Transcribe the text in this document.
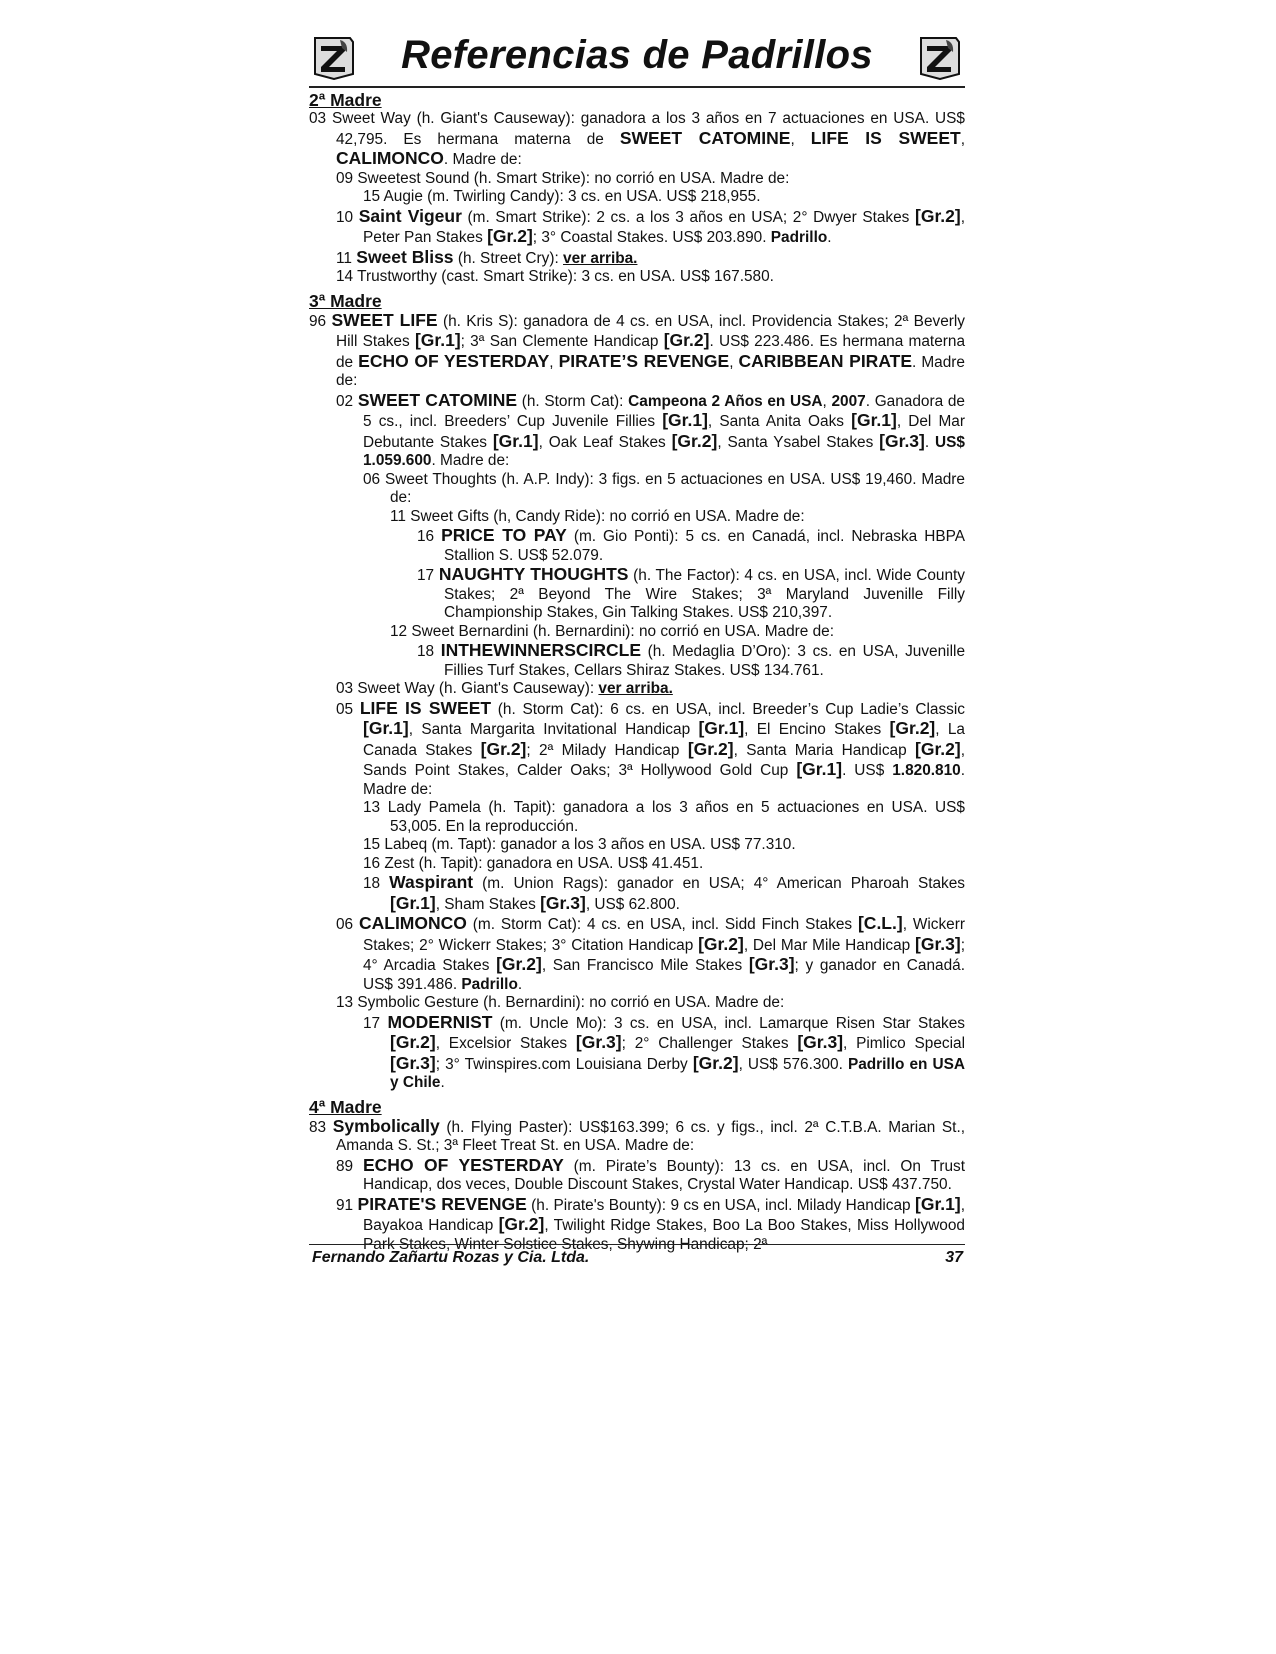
Referencias de Padrillos
2ª Madre

03 Sweet Way (h. Giant's Causeway): ganadora a los 3 años en 7 actuaciones en USA. US$ 42,795. Es hermana materna de SWEET CATOMINE, LIFE IS SWEET, CALIMONCO. Madre de:

09 Sweetest Sound (h. Smart Strike): no corrió en USA. Madre de:

15 Augie (m. Twirling Candy): 3 cs. en USA. US$ 218,955.

10 Saint Vigeur (m. Smart Strike): 2 cs. a los 3 años en USA; 2° Dwyer Stakes [Gr.2], Peter Pan Stakes [Gr.2]; 3° Coastal Stakes. US$ 203.890. Padrillo.

11 Sweet Bliss (h. Street Cry): ver arriba.

14 Trustworthy (cast. Smart Strike): 3 cs. en USA. US$ 167.580.

3ª Madre

96 SWEET LIFE (h. Kris S): ganadora de 4 cs. en USA, incl. Providencia Stakes; 2ª Beverly Hill Stakes [Gr.1]; 3ª San Clemente Handicap [Gr.2]. US$ 223.486. Es hermana materna de ECHO OF YESTERDAY, PIRATE’S REVENGE, CARIBBEAN PIRATE. Madre de:

02 SWEET CATOMINE (h. Storm Cat): Campeona 2 Años en USA, 2007. Ganadora de 5 cs., incl. Breeders’ Cup Juvenile Fillies [Gr.1], Santa Anita Oaks [Gr.1], Del Mar Debutante Stakes [Gr.1], Oak Leaf Stakes [Gr.2], Santa Ysabel Stakes [Gr.3]. US$ 1.059.600. Madre de:

06 Sweet Thoughts (h. A.P. Indy): 3 figs. en 5 actuaciones en USA. US$ 19,460. Madre de:

11 Sweet Gifts (h, Candy Ride): no corrió en USA. Madre de:

16 PRICE TO PAY (m. Gio Ponti): 5 cs. en Canadá, incl. Nebraska HBPA Stallion S. US$ 52.079.

17 NAUGHTY THOUGHTS (h. The Factor): 4 cs. en USA, incl. Wide County Stakes; 2ª Beyond The Wire Stakes; 3ª Maryland Juvenille Filly Championship Stakes, Gin Talking Stakes. US$ 210,397.

12 Sweet Bernardini (h. Bernardini): no corrió en USA. Madre de:

18 INTHEWINNERSCIRCLE (h. Medaglia D’Oro): 3 cs. en USA, Juvenille Fillies Turf Stakes, Cellars Shiraz Stakes. US$ 134.761.

03 Sweet Way (h. Giant's Causeway): ver arriba.

05 LIFE IS SWEET (h. Storm Cat): 6 cs. en USA, incl. Breeder’s Cup Ladie’s Classic [Gr.1], Santa Margarita Invitational Handicap [Gr.1], El Encino Stakes [Gr.2], La Canada Stakes [Gr.2]; 2ª Milady Handicap [Gr.2], Santa Maria Handicap [Gr.2], Sands Point Stakes, Calder Oaks; 3ª Hollywood Gold Cup [Gr.1]. US$ 1.820.810. Madre de:

13 Lady Pamela (h. Tapit): ganadora a los 3 años en 5 actuaciones en USA. US$ 53,005. En la reproducción.

15 Labeq (m. Tapt): ganador a los 3 años en USA. US$ 77.310.

16 Zest (h. Tapit): ganadora en USA. US$ 41.451.

18 Waspirant (m. Union Rags): ganador en USA; 4° American Pharoah Stakes [Gr.1], Sham Stakes [Gr.3], US$ 62.800.

06 CALIMONCO (m. Storm Cat): 4 cs. en USA, incl. Sidd Finch Stakes [C.L.], Wickerr Stakes; 2° Wickerr Stakes; 3° Citation Handicap [Gr.2], Del Mar Mile Handicap [Gr.3]; 4° Arcadia Stakes [Gr.2], San Francisco Mile Stakes [Gr.3]; y ganador en Canadá. US$ 391.486. Padrillo.

13 Symbolic Gesture (h. Bernardini): no corrió en USA. Madre de:

17 MODERNIST (m. Uncle Mo): 3 cs. en USA, incl. Lamarque Risen Star Stakes [Gr.2], Excelsior Stakes [Gr.3]; 2° Challenger Stakes [Gr.3], Pimlico Special [Gr.3]; 3° Twinspires.com Louisiana Derby [Gr.2], US$ 576.300. Padrillo en USA y Chile.

4ª Madre

83 Symbolically (h. Flying Paster): US$163.399; 6 cs. y figs., incl. 2ª C.T.B.A. Marian St., Amanda S. St.; 3ª Fleet Treat St. en USA. Madre de:

89 ECHO OF YESTERDAY (m. Pirate’s Bounty): 13 cs. en USA, incl. On Trust Handicap, dos veces, Double Discount Stakes, Crystal Water Handicap. US$ 437.750.

91 PIRATE'S REVENGE (h. Pirate's Bounty): 9 cs en USA, incl. Milady Handicap [Gr.1], Bayakoa Handicap [Gr.2], Twilight Ridge Stakes, Boo La Boo Stakes, Miss Hollywood Park Stakes, Winter Solstice Stakes, Shywing Handicap; 2ª

Fernando Zañartu Rozas y Cia. Ltda.	37
